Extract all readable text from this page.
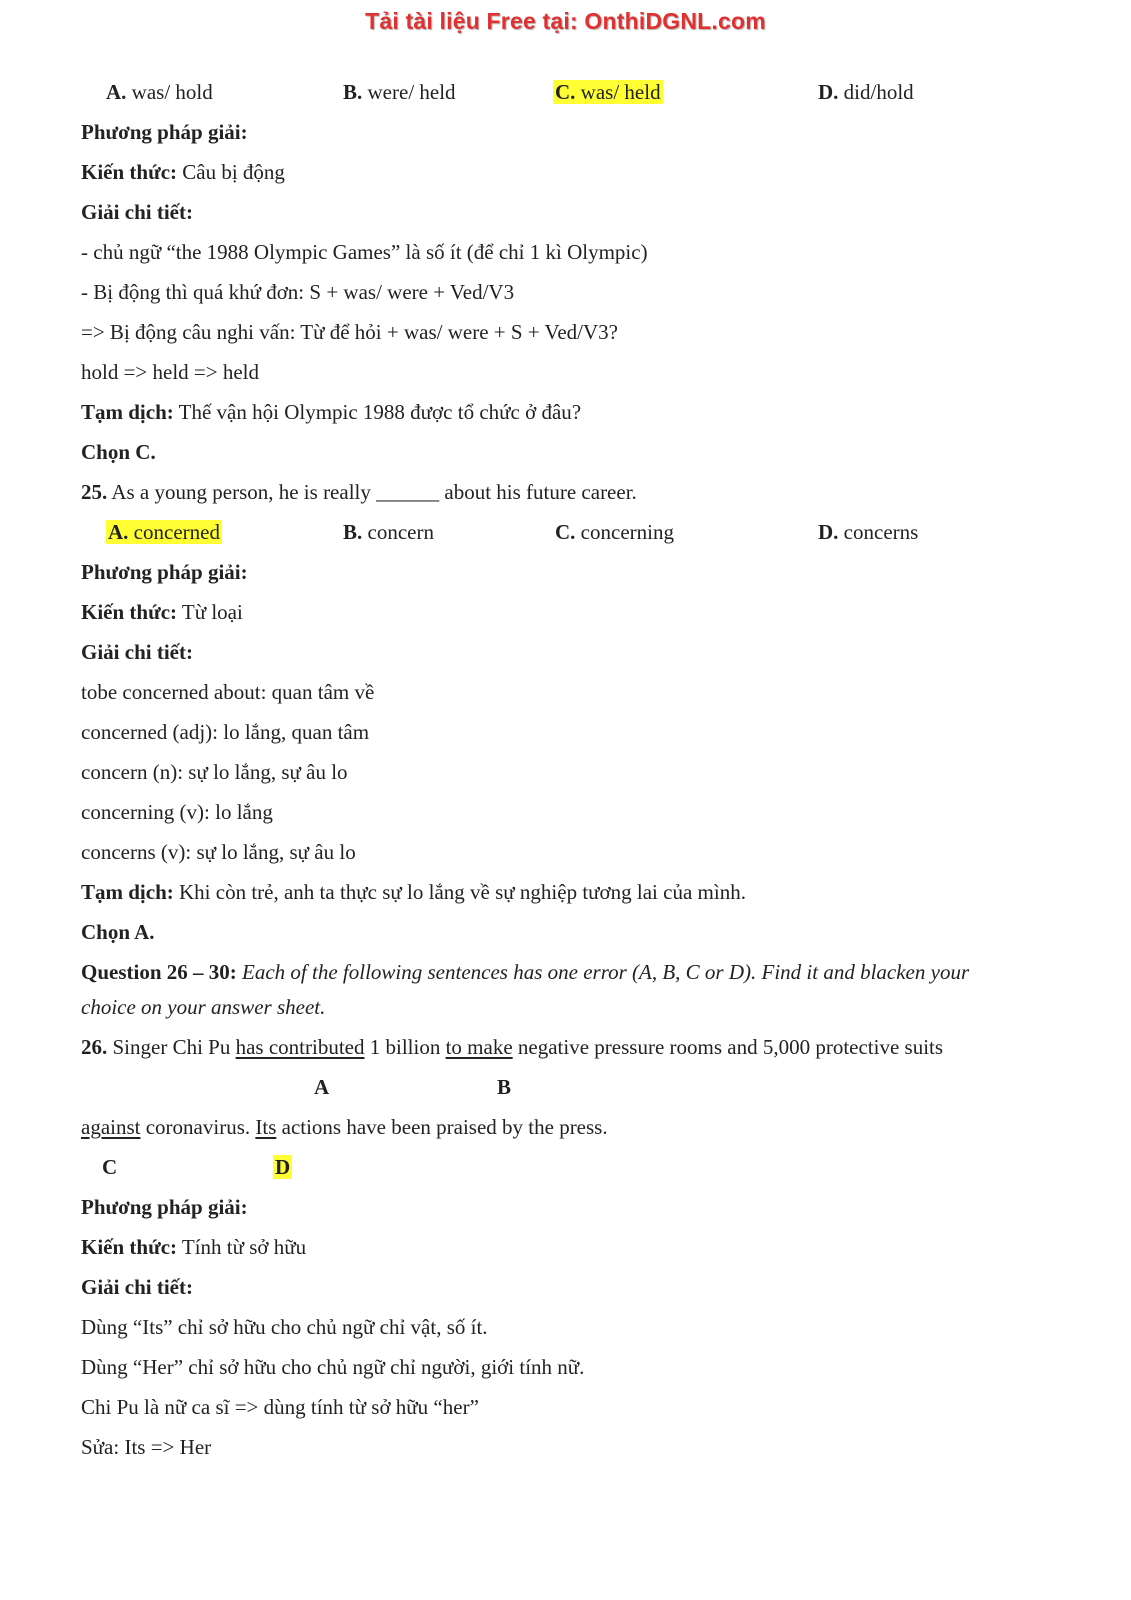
Tải tài liệu Free tại: OnthiDGNL.com
A. was/ hold	B. were/ held	C. was/ held	D. did/hold
Phương pháp giải:
Kiến thức: Câu bị động
Giải chi tiết:
- chủ ngữ “the 1988 Olympic Games” là số ít (để chỉ 1 kì Olympic)
- Bị động thì quá khứ đơn: S + was/ were + Ved/V3
=> Bị động câu nghi vấn: Từ để hỏi + was/ were + S + Ved/V3?
hold => held => held
Tạm dịch: Thế vận hội Olympic 1988 được tổ chức ở đâu?
Chọn C.
25. As a young person, he is really ______ about his future career.
A. concerned	B. concern	C. concerning	D. concerns
Phương pháp giải:
Kiến thức: Từ loại
Giải chi tiết:
tobe concerned about: quan tâm về
concerned (adj): lo lắng, quan tâm
concern (n): sự lo lắng, sự âu lo
concerning (v): lo lắng
concerns (v): sự lo lắng, sự âu lo
Tạm dịch: Khi còn trẻ, anh ta thực sự lo lắng về sự nghiệp tương lai của mình.
Chọn A.
Question 26 – 30: Each of the following sentences has one error (A, B, C or D). Find it and blacken your
choice on your answer sheet.
26. Singer Chi Pu has contributed 1 billion to make negative pressure rooms and 5,000 protective suits
A	B
against coronavirus. Its actions have been praised by the press.
C	D
Phương pháp giải:
Kiến thức: Tính từ sở hữu
Giải chi tiết:
Dùng “Its” chỉ sở hữu cho chủ ngữ chỉ vật, số ít.
Dùng “Her” chỉ sở hữu cho chủ ngữ chỉ người, giới tính nữ.
Chi Pu là nữ ca sĩ => dùng tính từ sở hữu “her”
Sửa: Its => Her
